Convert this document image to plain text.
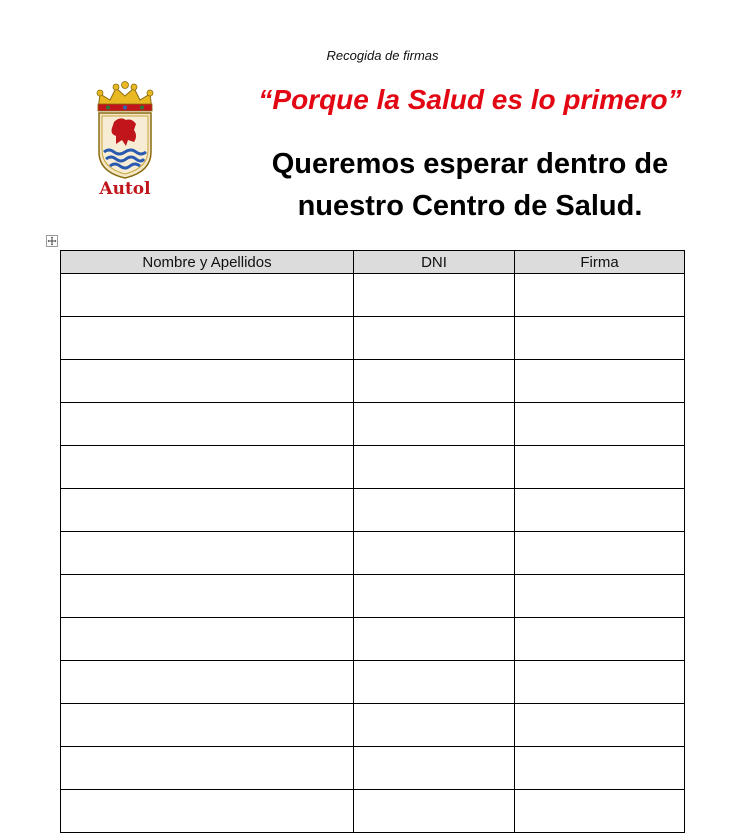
Recogida de firmas
Autol
“Porque la Salud es lo primero”
Queremos esperar dentro de
nuestro Centro de Salud.
Nombre y Apellidos	DNI	Firma
